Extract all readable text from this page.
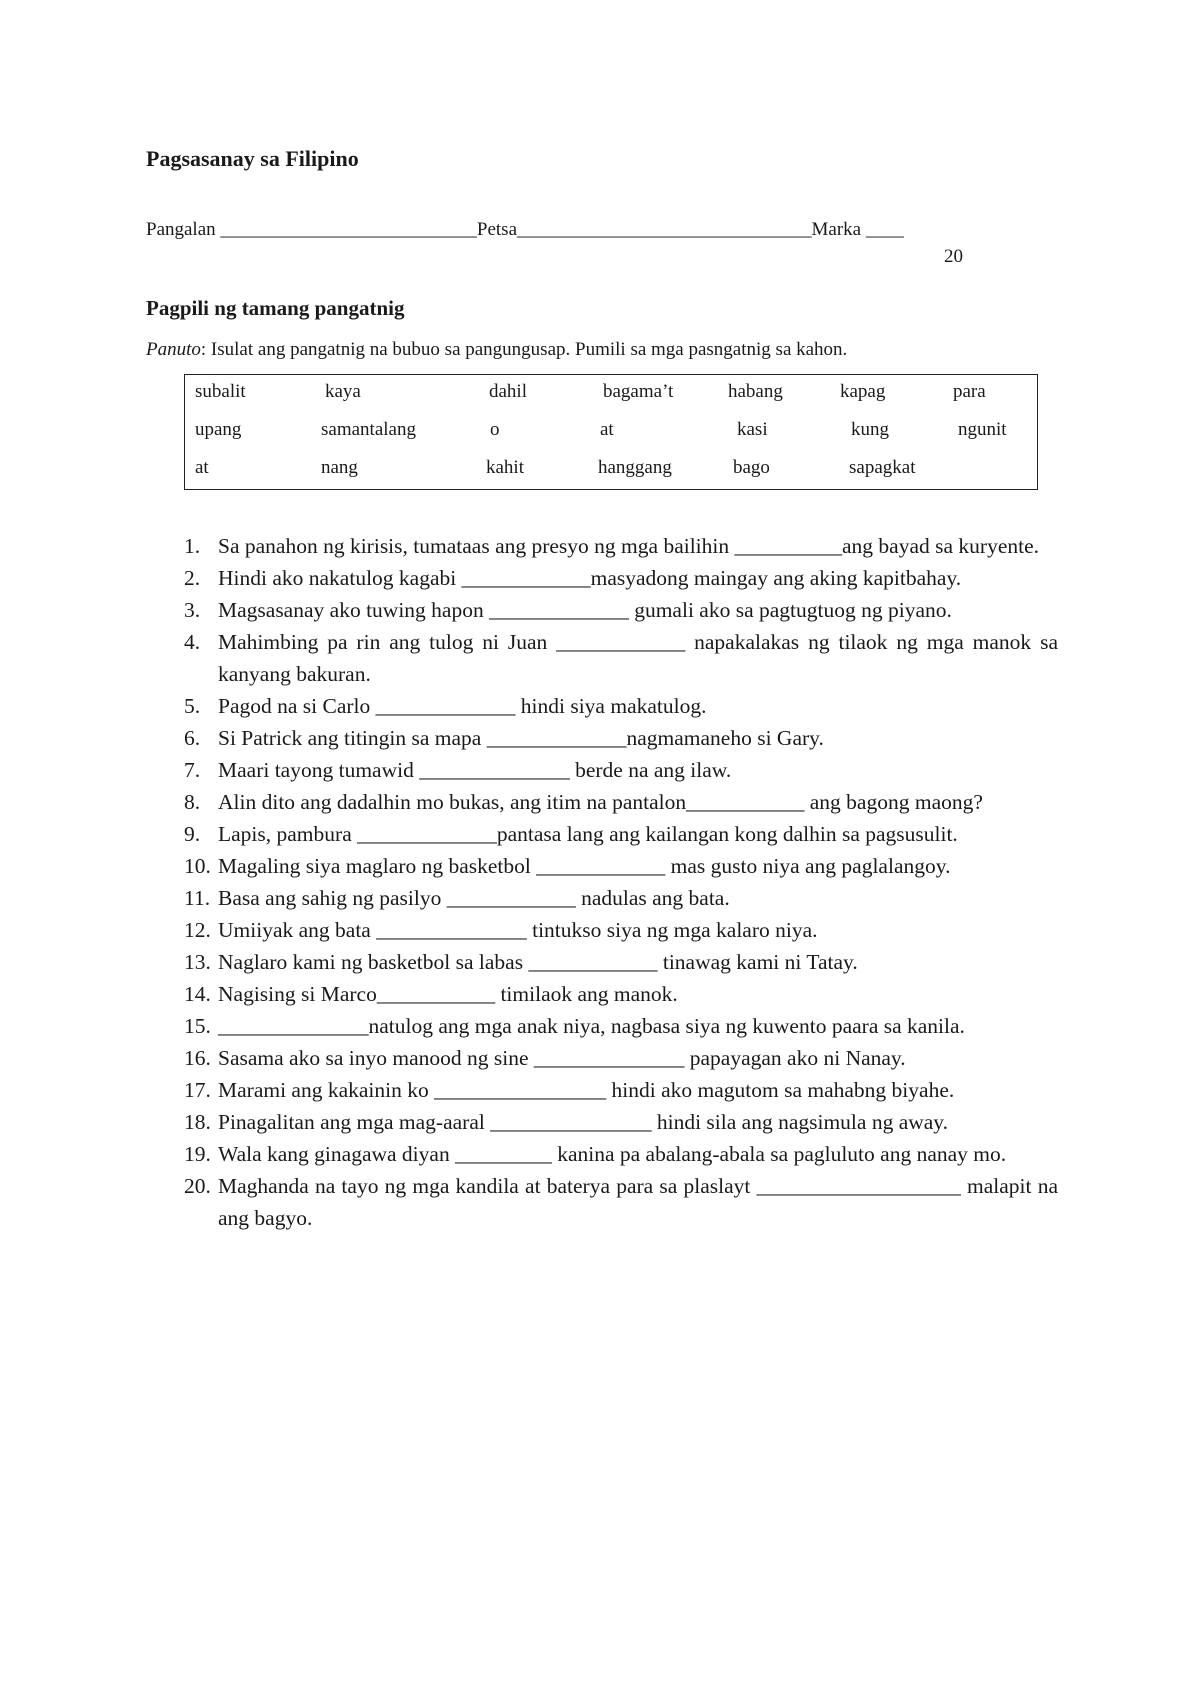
Pagsasanay sa Filipino
Pangalan ___________________________Petsa_______________________________Marka ____
20
Pagpili ng tamang pangatnig
Panuto: Isulat ang pangatnig na bubuo sa pangungusap. Pumili sa mga pasngatnig sa kahon.
subalit	kaya	dahil	bagama’t	habang	kapag	para
upang	samantalang	o	at	kasi	kung	ngunit
at	nang	kahit	hanggang	bago	sapagkat
1. Sa panahon ng kirisis, tumataas ang presyo ng mga bailihin __________ang bayad sa kuryente.
2. Hindi ako nakatulog kagabi ____________masyadong maingay ang aking kapitbahay.
3. Magsasanay ako tuwing hapon _____________ gumali ako sa pagtugtuog ng piyano.
4. Mahimbing pa rin ang tulog ni Juan ____________ napakalakas ng tilaok ng mga manok sa kanyang bakuran.
5. Pagod na si Carlo _____________ hindi siya makatulog.
6. Si Patrick ang titingin sa mapa _____________nagmamaneho si Gary.
7. Maari tayong tumawid ______________ berde na ang ilaw.
8. Alin dito ang dadalhin mo bukas, ang itim na pantalon___________ ang bagong maong?
9. Lapis, pambura _____________pantasa lang ang kailangan kong dalhin sa pagsusulit.
10. Magaling siya maglaro ng basketbol ____________ mas gusto niya ang paglalangoy.
11. Basa ang sahig ng pasilyo ____________ nadulas ang bata.
12. Umiiyak ang bata ______________ tintukso siya ng mga kalaro niya.
13. Naglaro kami ng basketbol sa labas ____________ tinawag kami ni Tatay.
14. Nagising si Marco___________ timilaok ang manok.
15. ______________natulog ang mga anak niya, nagbasa siya ng kuwento paara sa kanila.
16. Sasama ako sa inyo manood ng sine ______________ papayagan ako ni Nanay.
17. Marami ang kakainin ko ________________ hindi ako magutom sa mahabng biyahe.
18. Pinagalitan ang mga mag-aaral _______________ hindi sila ang nagsimula ng away.
19. Wala kang ginagawa diyan _________ kanina pa abalang-abala sa pagluluto ang nanay mo.
20. Maghanda na tayo ng mga kandila at baterya para sa plaslayt ___________________ malapit na ang bagyo.
